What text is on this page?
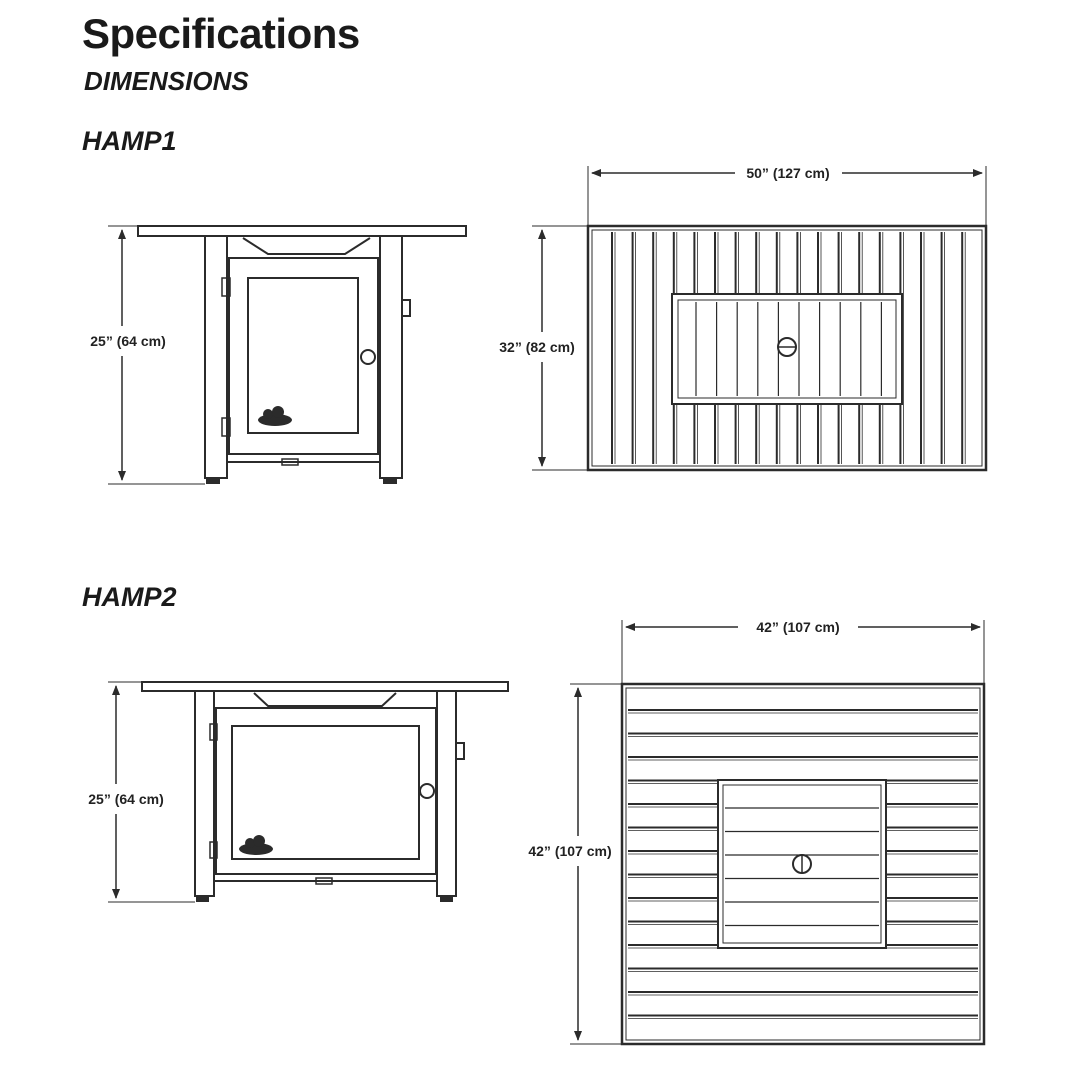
Specifications
DIMENSIONS
HAMP1
HAMP2
25” (64 cm)
50” (127 cm)
32” (82 cm)
25” (64 cm)
42” (107 cm)
42” (107 cm)
